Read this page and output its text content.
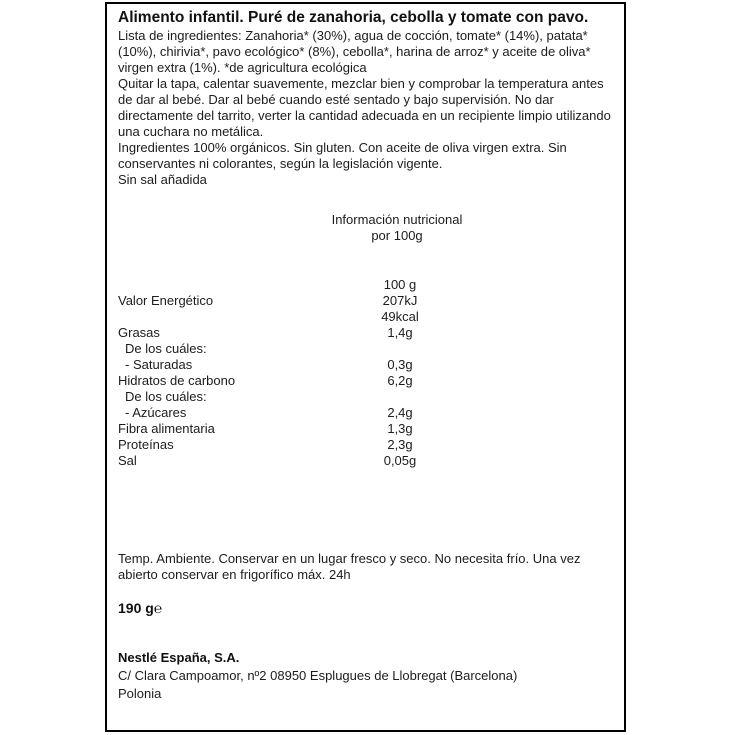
Alimento infantil. Puré de zanahoria, cebolla y tomate con pavo.

Lista de ingredientes: Zanahoria* (30%), agua de cocción, tomate* (14%), patata* (10%), chirivia*, pavo ecológico* (8%), cebolla*, harina de arroz* y aceite de oliva* virgen extra (1%). *de agricultura ecológica

Quitar la tapa, calentar suavemente, mezclar bien y comprobar la temperatura antes de dar al bebé. Dar al bebé cuando esté sentado y bajo supervisión. No dar directamente del tarrito, verter la cantidad adecuada en un recipiente limpio utilizando una cuchara no metálica.

Ingredientes 100% orgánicos. Sin gluten. Con aceite de oliva virgen extra. Sin conservantes ni colorantes, según la legislación vigente.

Sin sal añadida

Información nutricional
por 100g
100 g
Valor Energético	207kJ
49kcal
Grasas	1,4g
De los cuáles:
- Saturadas	0,3g
Hidratos de carbono	6,2g
De los cuáles:
- Azúcares	2,4g
Fibra alimentaria	1,3g
Proteínas	2,3g
Sal	0,05g

Temp. Ambiente. Conservar en un lugar fresco y seco. No necesita frío. Una vez abierto conservar en frigorífico máx. 24h

190 g℮

Nestlé España, S.A.
C/ Clara Campoamor, nº2 08950 Esplugues de Llobregat (Barcelona)
Polonia
